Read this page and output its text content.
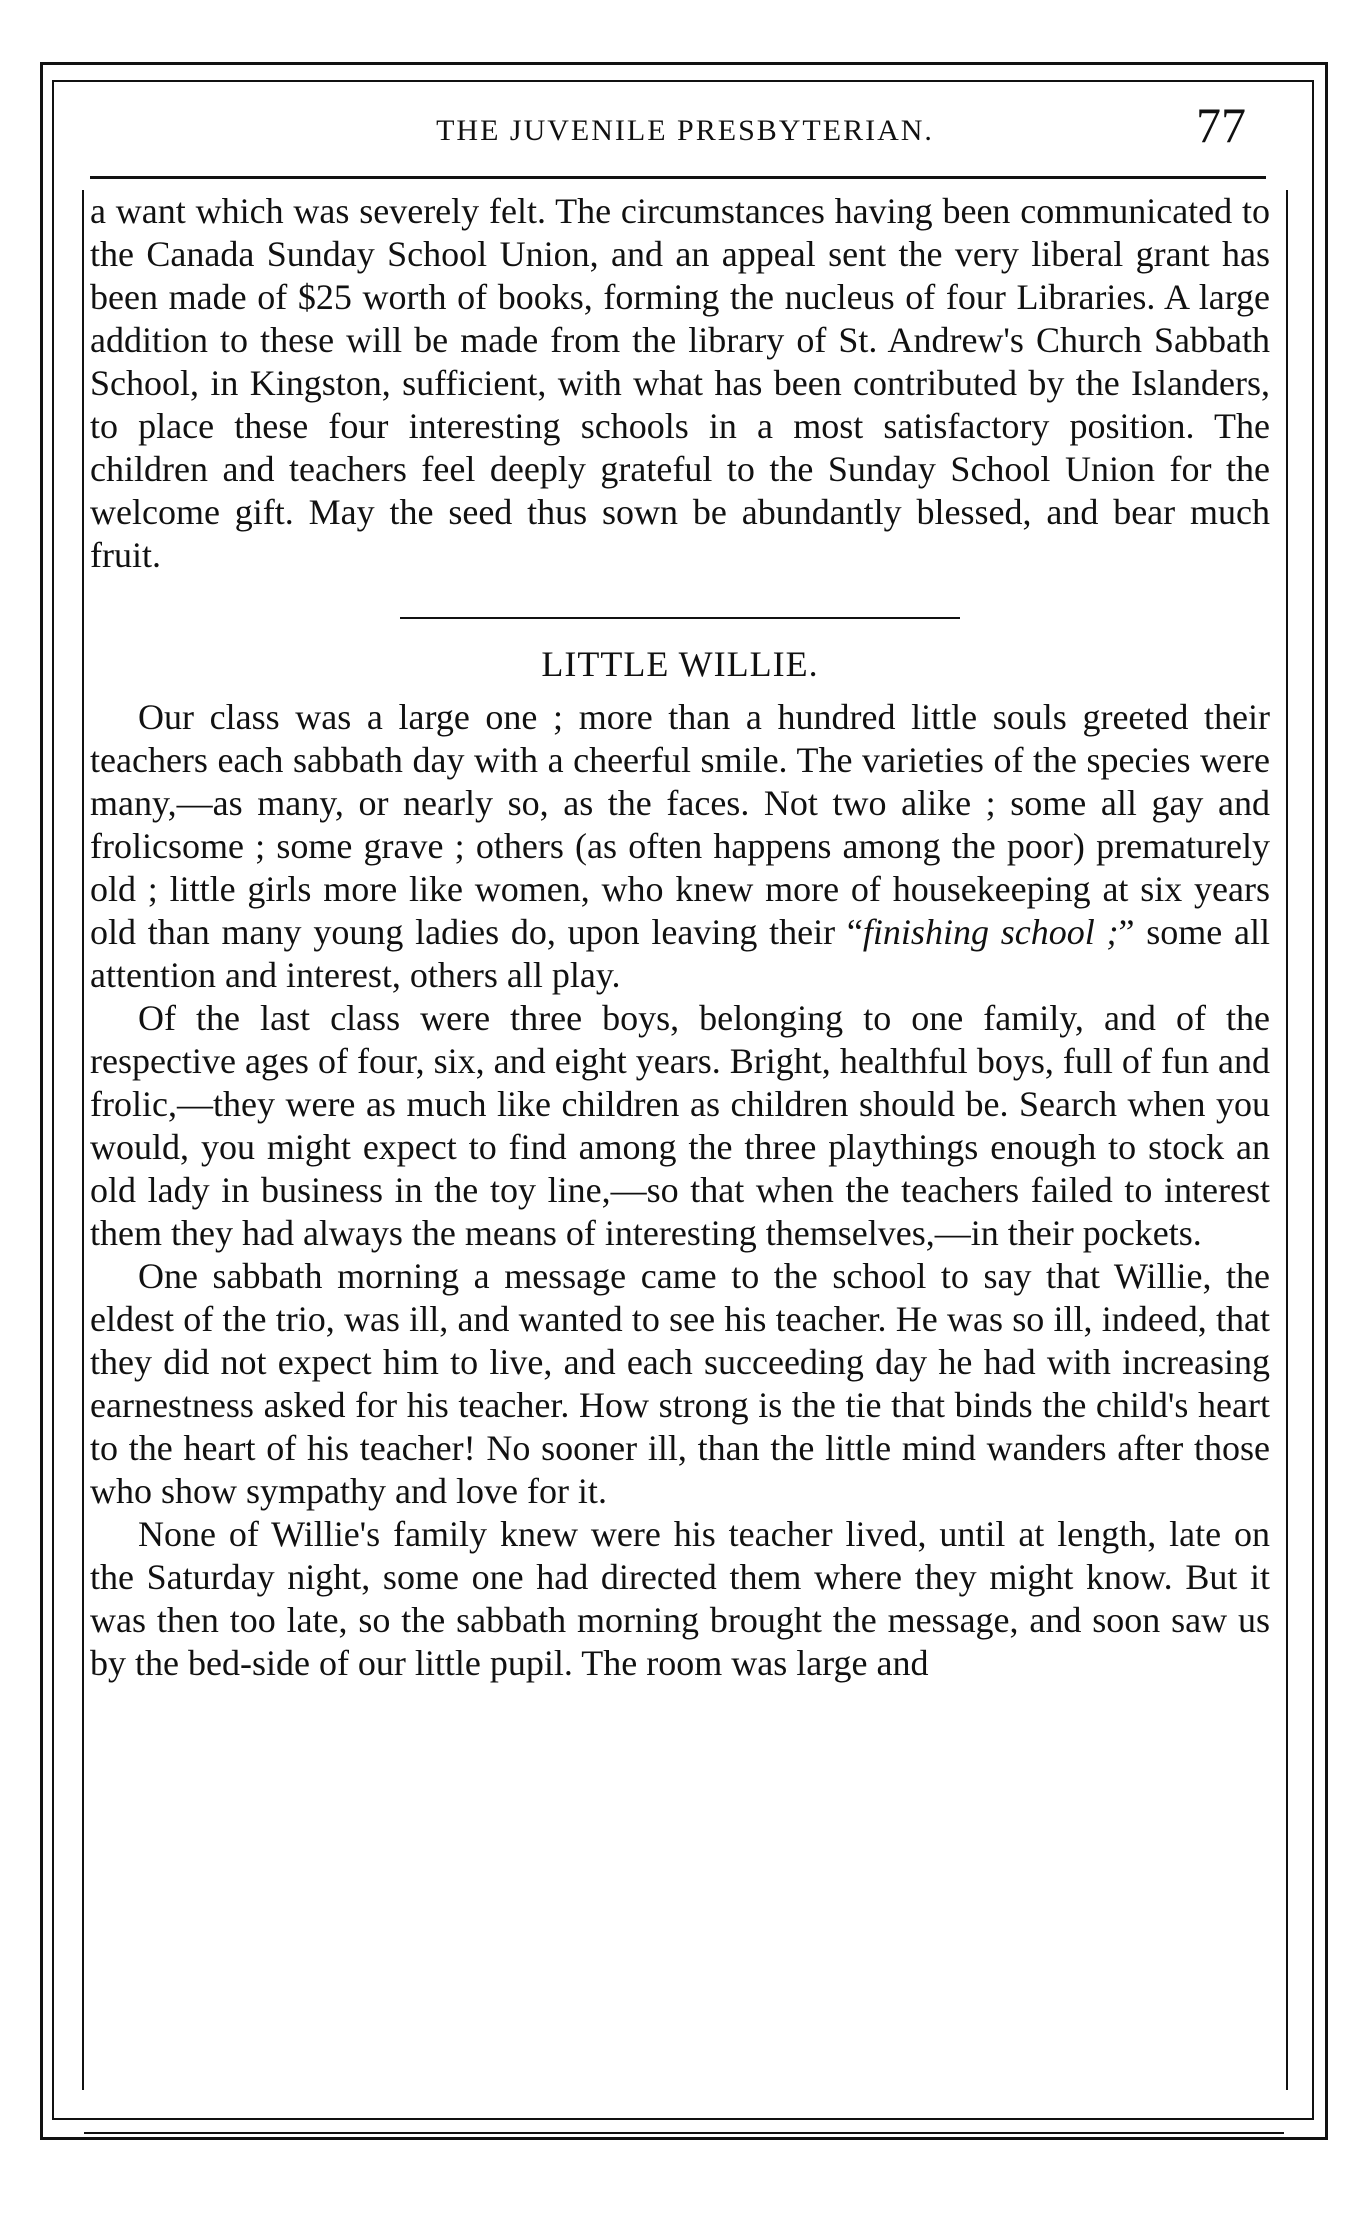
THE JUVENILE PRESBYTERIAN.	77

a want which was severely felt. The circumstances having been communicated to the Canada Sunday School Union, and an appeal sent the very liberal grant has been made of $25 worth of books, forming the nucleus of four Libraries. A large addition to these will be made from the library of St. Andrew's Church Sabbath School, in Kingston, sufficient, with what has been contributed by the Islanders, to place these four interesting schools in a most satisfactory position. The children and teachers feel deeply grateful to the Sunday School Union for the welcome gift. May the seed thus sown be abundantly blessed, and bear much fruit.

LITTLE WILLIE.

Our class was a large one ; more than a hundred little souls greeted their teachers each sabbath day with a cheerful smile. The varieties of the species were many,—as many, or nearly so, as the faces. Not two alike ; some all gay and frolicsome ; some grave ; others (as often happens among the poor) prematurely old ; little girls more like women, who knew more of housekeeping at six years old than many young ladies do, upon leaving their “finishing school ;” some all attention and interest, others all play.

Of the last class were three boys, belonging to one family, and of the respective ages of four, six, and eight years. Bright, healthful boys, full of fun and frolic,—they were as much like children as children should be. Search when you would, you might expect to find among the three playthings enough to stock an old lady in business in the toy line,—so that when the teachers failed to interest them they had always the means of interesting themselves,—in their pockets.

One sabbath morning a message came to the school to say that Willie, the eldest of the trio, was ill, and wanted to see his teacher. He was so ill, indeed, that they did not expect him to live, and each succeeding day he had with increasing earnestness asked for his teacher. How strong is the tie that binds the child's heart to the heart of his teacher! No sooner ill, than the little mind wanders after those who show sympathy and love for it.

None of Willie's family knew were his teacher lived, until at length, late on the Saturday night, some one had directed them where they might know. But it was then too late, so the sabbath morning brought the message, and soon saw us by the bed-side of our little pupil. The room was large and
